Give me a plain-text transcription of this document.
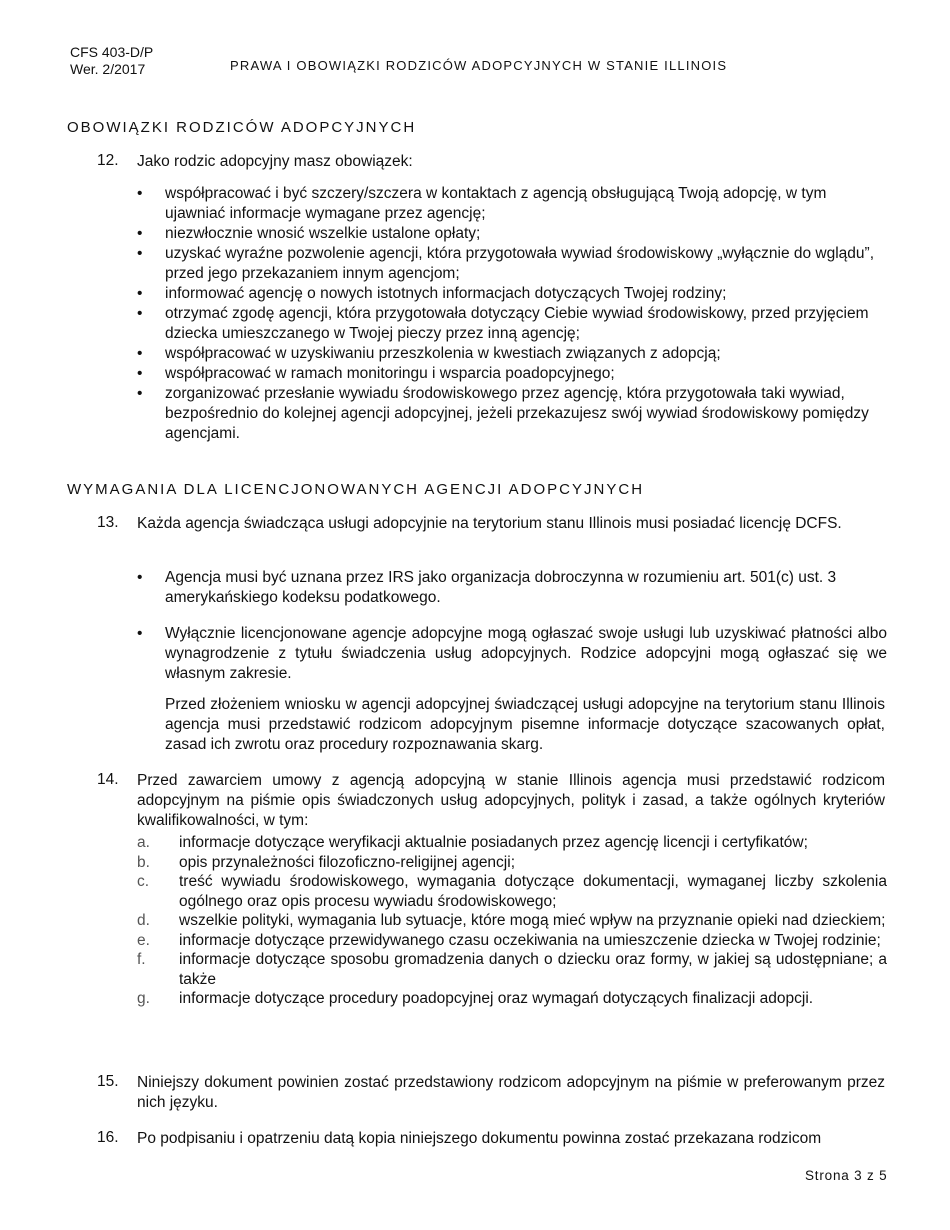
CFS 403-D/P
Wer. 2/2017	PRAWA I OBOWIĄZKI RODZICÓW ADOPCYJNYCH W STANIE ILLINOIS
OBOWIĄZKI RODZICÓW ADOPCYJNYCH
12. Jako rodzic adopcyjny masz obowiązek:
• współpracować i być szczery/szczera w kontaktach z agencją obsługującą Twoją adopcję, w tym ujawniać informacje wymagane przez agencję;
• niezwłocznie wnosić wszelkie ustalone opłaty;
• uzyskać wyraźne pozwolenie agencji, która przygotowała wywiad środowiskowy „wyłącznie do wglądu”, przed jego przekazaniem innym agencjom;
• informować agencję o nowych istotnych informacjach dotyczących Twojej rodziny;
• otrzymać zgodę agencji, która przygotowała dotyczący Ciebie wywiad środowiskowy, przed przyjęciem dziecka umieszczanego w Twojej pieczy przez inną agencję;
• współpracować w uzyskiwaniu przeszkolenia w kwestiach związanych z adopcją;
• współpracować w ramach monitoringu i wsparcia poadopcyjnego;
• zorganizować przesłanie wywiadu środowiskowego przez agencję, która przygotowała taki wywiad, bezpośrednio do kolejnej agencji adopcyjnej, jeżeli przekazujesz swój wywiad środowiskowy pomiędzy agencjami.
WYMAGANIA DLA LICENCJONOWANYCH AGENCJI ADOPCYJNYCH
13. Każda agencja świadcząca usługi adopcyjnie na terytorium stanu Illinois musi posiadać licencję DCFS.
• Agencja musi być uznana przez IRS jako organizacja dobroczynna w rozumieniu art. 501(c) ust. 3 amerykańskiego kodeksu podatkowego.
• Wyłącznie licencjonowane agencje adopcyjne mogą ogłaszać swoje usługi lub uzyskiwać płatności albo wynagrodzenie z tytułu świadczenia usług adopcyjnych. Rodzice adopcyjni mogą ogłaszać się we własnym zakresie.
Przed złożeniem wniosku w agencji adopcyjnej świadczącej usługi adopcyjne na terytorium stanu Illinois agencja musi przedstawić rodzicom adopcyjnym pisemne informacje dotyczące szacowanych opłat, zasad ich zwrotu oraz procedury rozpoznawania skarg.
14. Przed zawarciem umowy z agencją adopcyjną w stanie Illinois agencja musi przedstawić rodzicom adopcyjnym na piśmie opis świadczonych usług adopcyjnych, polityk i zasad, a także ogólnych kryteriów kwalifikowalności, w tym:
a. informacje dotyczące weryfikacji aktualnie posiadanych przez agencję licencji i certyfikatów;
b. opis przynależności filozoficzno-religijnej agencji;
c. treść wywiadu środowiskowego, wymagania dotyczące dokumentacji, wymaganej liczby szkolenia ogólnego oraz opis procesu wywiadu środowiskowego;
d. wszelkie polityki, wymagania lub sytuacje, które mogą mieć wpływ na przyznanie opieki nad dzieckiem;
e. informacje dotyczące przewidywanego czasu oczekiwania na umieszczenie dziecka w Twojej rodzinie;
f. informacje dotyczące sposobu gromadzenia danych o dziecku oraz formy, w jakiej są udostępniane; a także
g. informacje dotyczące procedury poadopcyjnej oraz wymagań dotyczących finalizacji adopcji.
15. Niniejszy dokument powinien zostać przedstawiony rodzicom adopcyjnym na piśmie w preferowanym przez nich języku.
16. Po podpisaniu i opatrzeniu datą kopia niniejszego dokumentu powinna zostać przekazana rodzicom
Strona 3 z 5
